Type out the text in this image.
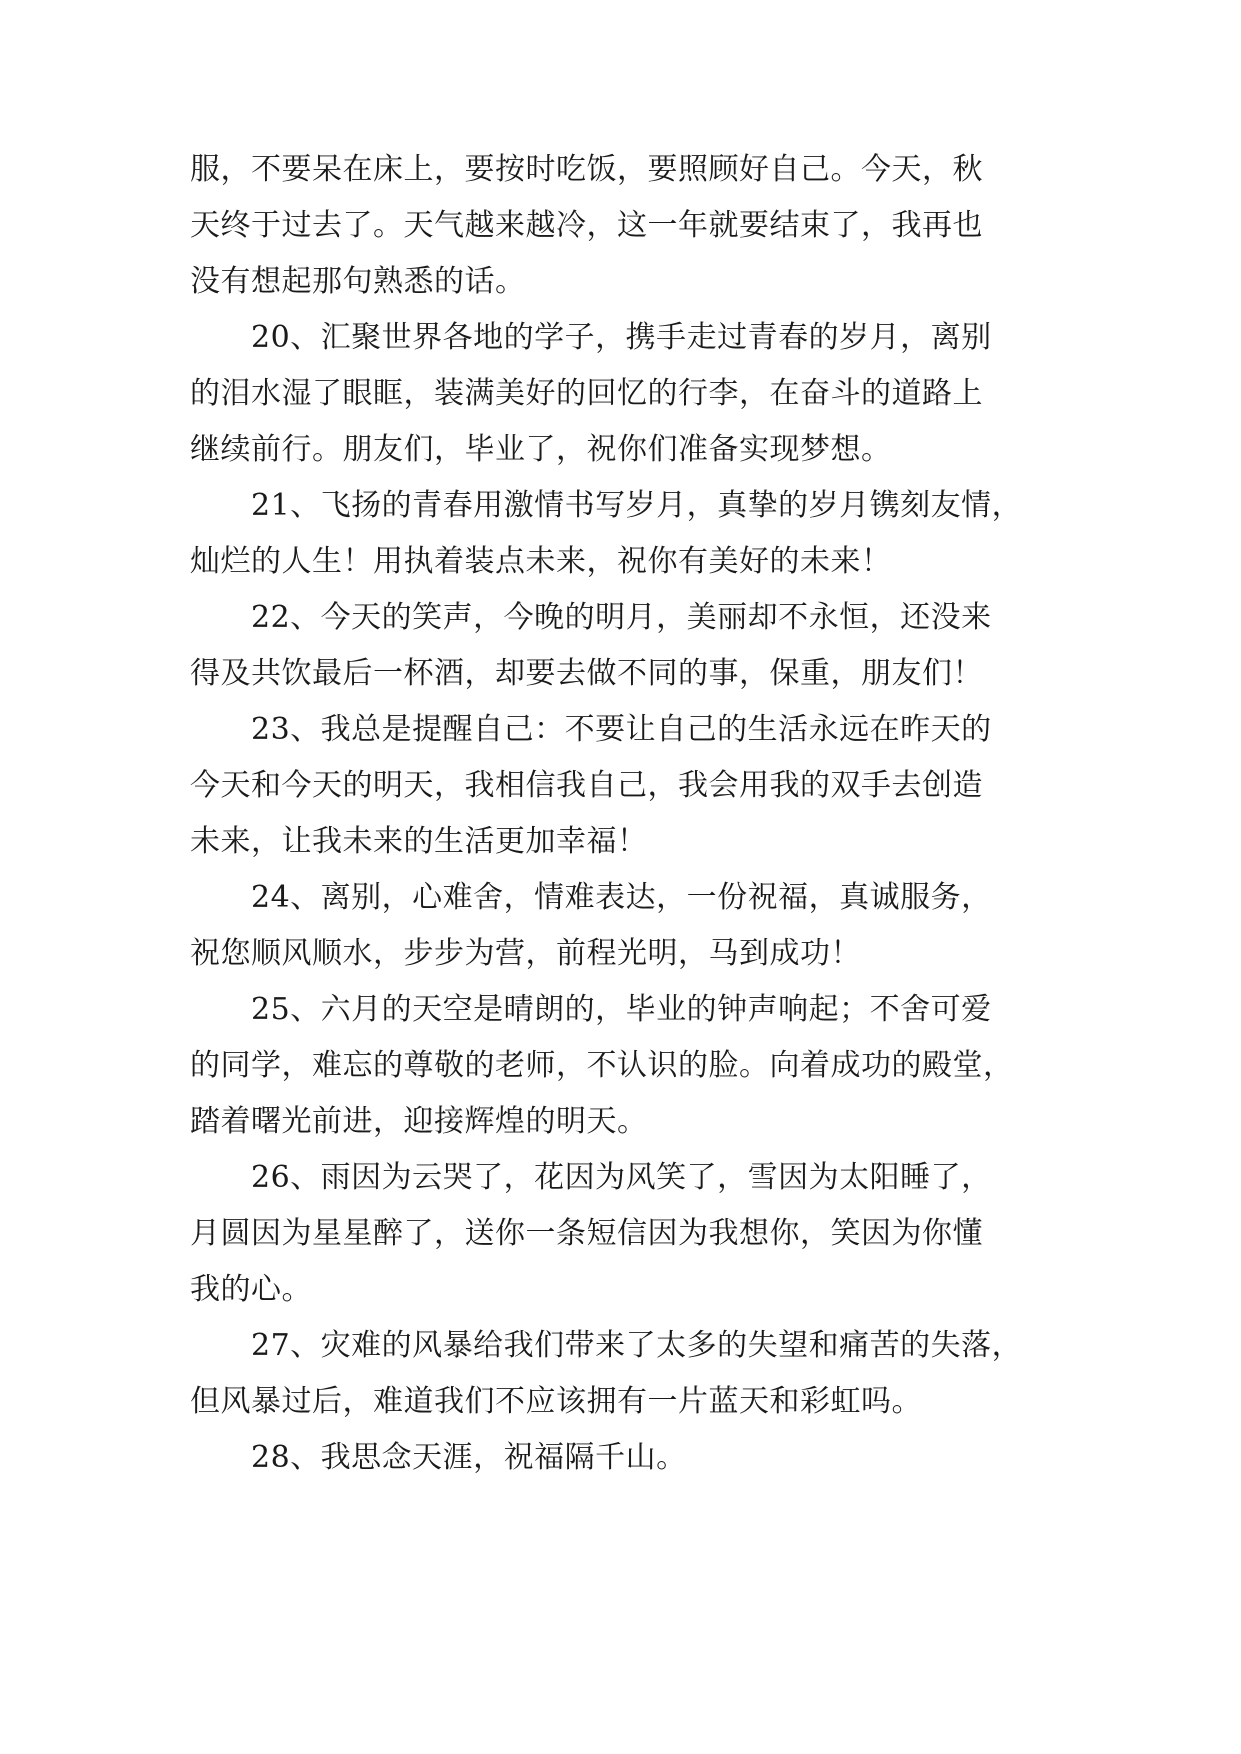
服，不要呆在床上，要按时吃饭，要照顾好自己。今天，秋
天终于过去了。天气越来越冷，这一年就要结束了，我再也
没有想起那句熟悉的话。
20、汇聚世界各地的学子，携手走过青春的岁月，离别
的泪水湿了眼眶，装满美好的回忆的行李，在奋斗的道路上
继续前行。朋友们，毕业了，祝你们准备实现梦想。
21、飞扬的青春用激情书写岁月，真挚的岁月镌刻友情，
灿烂的人生！用执着装点未来，祝你有美好的未来！
22、今天的笑声，今晚的明月，美丽却不永恒，还没来
得及共饮最后一杯酒，却要去做不同的事，保重，朋友们！
23、我总是提醒自己：不要让自己的生活永远在昨天的
今天和今天的明天，我相信我自己，我会用我的双手去创造
未来，让我未来的生活更加幸福！
24、离别，心难舍，情难表达，一份祝福，真诚服务，
祝您顺风顺水，步步为营，前程光明，马到成功！
25、六月的天空是晴朗的，毕业的钟声响起；不舍可爱
的同学，难忘的尊敬的老师，不认识的脸。向着成功的殿堂，
踏着曙光前进，迎接辉煌的明天。
26、雨因为云哭了，花因为风笑了，雪因为太阳睡了，
月圆因为星星醉了，送你一条短信因为我想你，笑因为你懂
我的心。
27、灾难的风暴给我们带来了太多的失望和痛苦的失落，
但风暴过后，难道我们不应该拥有一片蓝天和彩虹吗。
28、我思念天涯，祝福隔千山。
